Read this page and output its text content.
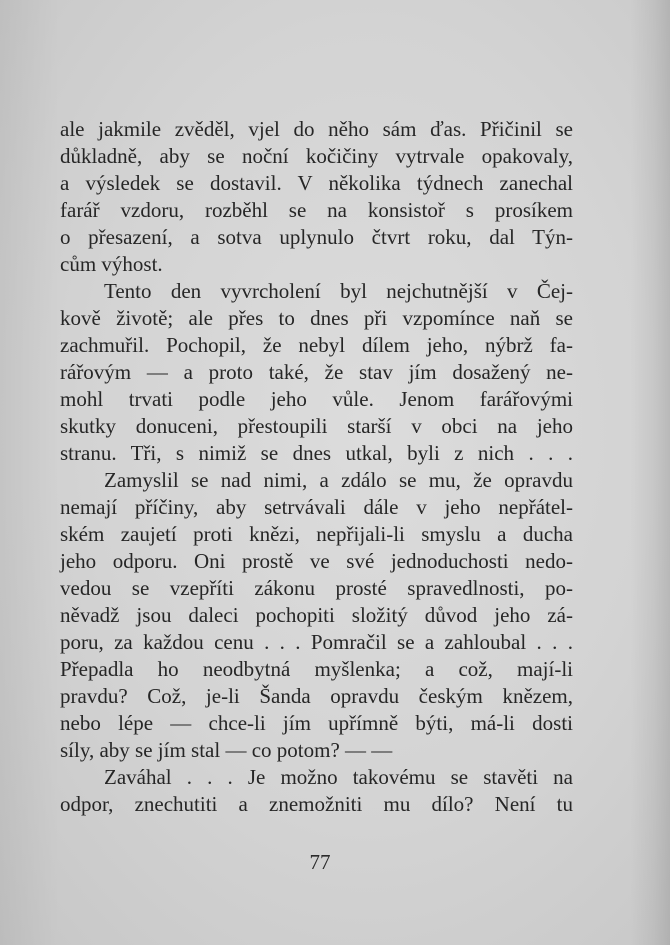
ale jakmile zvěděl, vjel do něho sám ďas. Přičinil se
důkladně, aby se noční kočičiny vytrvale opakovaly,
a výsledek se dostavil. V několika týdnech zanechal
farář vzdoru, rozběhl se na konsistoř s prosíkem
o přesazení, a sotva uplynulo čtvrt roku, dal Týn-
cům výhost.
Tento den vyvrcholení byl nejchutnější v Čej-
kově životě; ale přes to dnes při vzpomínce naň se
zachmuřil. Pochopil, že nebyl dílem jeho, nýbrž fa-
rářovým — a proto také, že stav jím dosažený ne-
mohl trvati podle jeho vůle. Jenom farářovými
skutky donuceni, přestoupili starší v obci na jeho
stranu. Tři, s nimiž se dnes utkal, byli z nich . . .
Zamyslil se nad nimi, a zdálo se mu, že opravdu
nemají příčiny, aby setrvávali dále v jeho nepřátel-
ském zaujetí proti knězi, nepřijali-li smyslu a ducha
jeho odporu. Oni prostě ve své jednoduchosti nedo-
vedou se vzepříti zákonu prosté spravedlnosti, po-
něvadž jsou daleci pochopiti složitý důvod jeho zá-
poru, za každou cenu . . . Pomračil se a zahloubal . . .
Přepadla ho neodbytná myšlenka; a což, mají-li
pravdu? Což, je-li Šanda opravdu českým knězem,
nebo lépe — chce-li jím upřímně býti, má-li dosti
síly, aby se jím stal — co potom? — —
Zaváhal . . . Je možno takovému se stavěti na
odpor, znechutiti a znemožniti mu dílo? Není tu
77
